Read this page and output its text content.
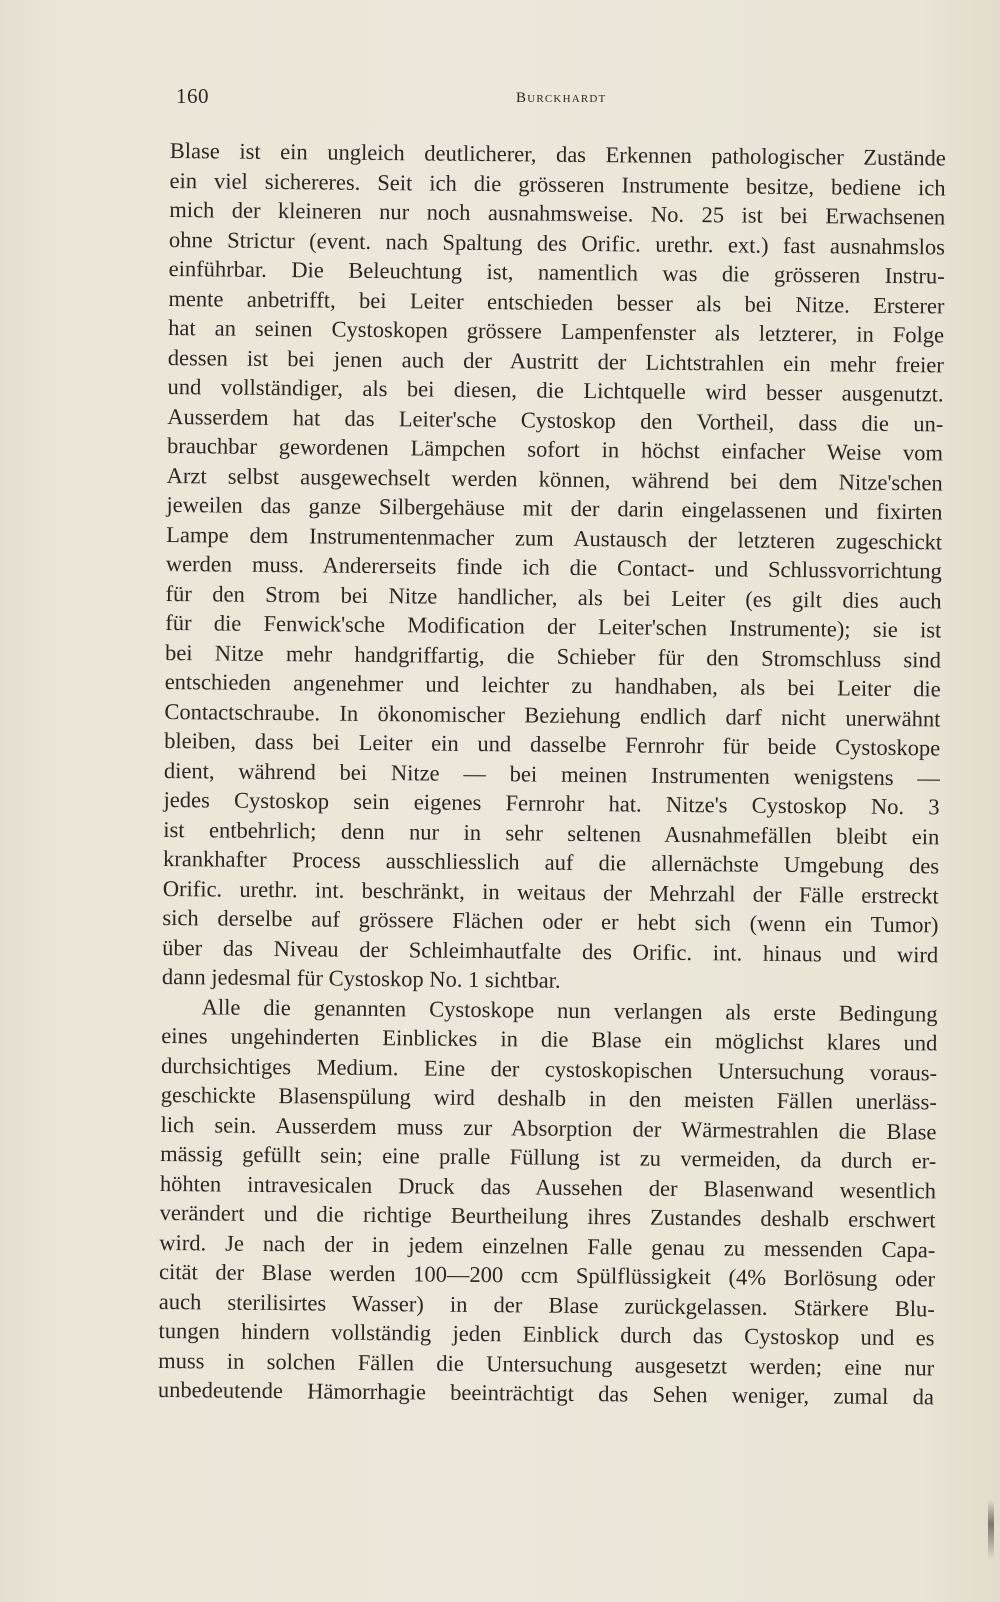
160	Burckhardt
Blase ist ein ungleich deutlicherer, das Erkennen pathologischer Zustände
ein viel sichereres. Seit ich die grösseren Instrumente besitze, bediene ich
mich der kleineren nur noch ausnahmsweise. No. 25 ist bei Erwachsenen
ohne Strictur (event. nach Spaltung des Orific. urethr. ext.) fast ausnahmslos
einführbar. Die Beleuchtung ist, namentlich was die grösseren Instru-
mente anbetrifft, bei Leiter entschieden besser als bei Nitze. Ersterer
hat an seinen Cystoskopen grössere Lampenfenster als letzterer, in Folge
dessen ist bei jenen auch der Austritt der Lichtstrahlen ein mehr freier
und vollständiger, als bei diesen, die Lichtquelle wird besser ausgenutzt.
Ausserdem hat das Leiter'sche Cystoskop den Vortheil, dass die un-
brauchbar gewordenen Lämpchen sofort in höchst einfacher Weise vom
Arzt selbst ausgewechselt werden können, während bei dem Nitze'schen
jeweilen das ganze Silbergehäuse mit der darin eingelassenen und fixirten
Lampe dem Instrumentenmacher zum Austausch der letzteren zugeschickt
werden muss. Andererseits finde ich die Contact- und Schlussvorrichtung
für den Strom bei Nitze handlicher, als bei Leiter (es gilt dies auch
für die Fenwick'sche Modification der Leiter'schen Instrumente); sie ist
bei Nitze mehr handgriffartig, die Schieber für den Stromschluss sind
entschieden angenehmer und leichter zu handhaben, als bei Leiter die
Contactschraube. In ökonomischer Beziehung endlich darf nicht unerwähnt
bleiben, dass bei Leiter ein und dasselbe Fernrohr für beide Cystoskope
dient, während bei Nitze — bei meinen Instrumenten wenigstens —
jedes Cystoskop sein eigenes Fernrohr hat. Nitze's Cystoskop No. 3
ist entbehrlich; denn nur in sehr seltenen Ausnahmefällen bleibt ein
krankhafter Process ausschliesslich auf die allernächste Umgebung des
Orific. urethr. int. beschränkt, in weitaus der Mehrzahl der Fälle erstreckt
sich derselbe auf grössere Flächen oder er hebt sich (wenn ein Tumor)
über das Niveau der Schleimhautfalte des Orific. int. hinaus und wird
dann jedesmal für Cystoskop No. 1 sichtbar.
Alle die genannten Cystoskope nun verlangen als erste Bedingung
eines ungehinderten Einblickes in die Blase ein möglichst klares und
durchsichtiges Medium. Eine der cystoskopischen Untersuchung voraus-
geschickte Blasenspülung wird deshalb in den meisten Fällen unerläss-
lich sein. Ausserdem muss zur Absorption der Wärmestrahlen die Blase
mässig gefüllt sein; eine pralle Füllung ist zu vermeiden, da durch er-
höhten intravesicalen Druck das Aussehen der Blasenwand wesentlich
verändert und die richtige Beurtheilung ihres Zustandes deshalb erschwert
wird. Je nach der in jedem einzelnen Falle genau zu messenden Capa-
cität der Blase werden 100—200 ccm Spülflüssigkeit (4% Borlösung oder
auch sterilisirtes Wasser) in der Blase zurückgelassen. Stärkere Blu-
tungen hindern vollständig jeden Einblick durch das Cystoskop und es
muss in solchen Fällen die Untersuchung ausgesetzt werden; eine nur
unbedeutende Hämorrhagie beeinträchtigt das Sehen weniger, zumal da
